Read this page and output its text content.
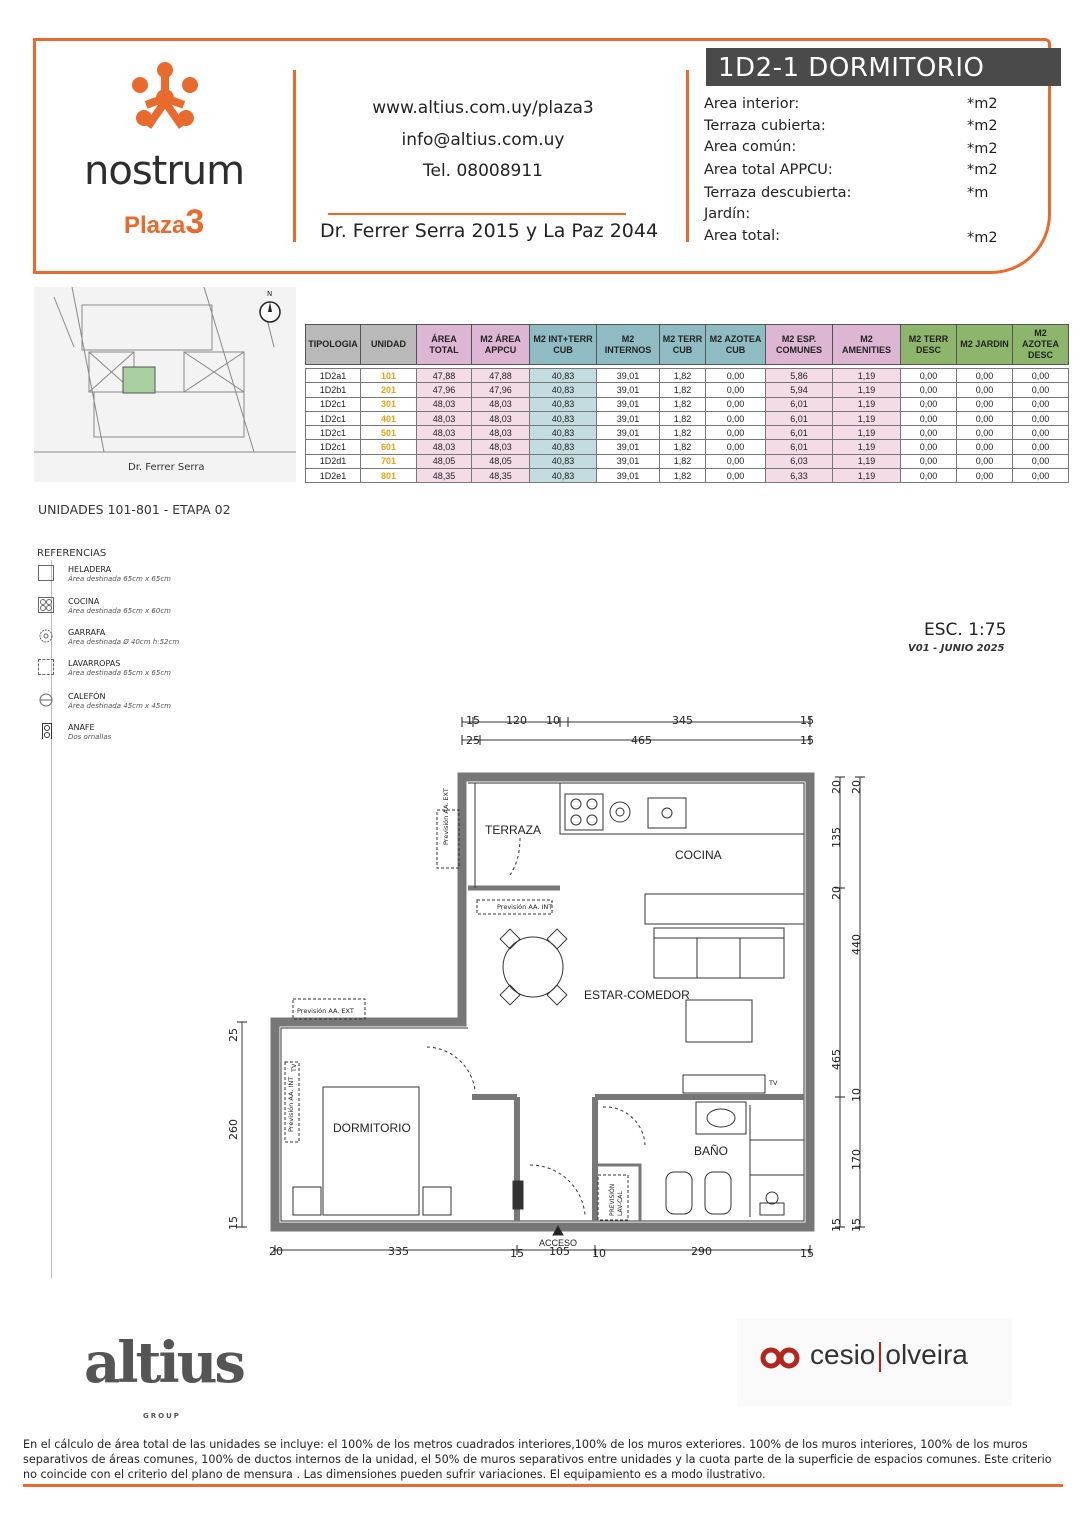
nostrum
Plaza3
www.altius.com.uy/plaza3
info@altius.com.uy
Tel. 08008911
Dr. Ferrer Serra 2015 y La Paz 2044
1D2-1 DORMITORIO
Area interior:	*m2
Terraza cubierta:	*m2
Area común:	*m2
Area total APPCU:	*m2
Terraza descubierta:	*m
Jardín:
Area total:	*m2
N
Dr. Ferrer Serra
TIPOLOGIA	UNIDAD	ÁREA TOTAL	M2 ÁREA APPCU	M2 INT+TERR CUB	M2 INTERNOS	M2 TERR CUB	M2 AZOTEA CUB	M2 ESP. COMUNES	M2 AMENITIES	M2 TERR DESC	M2 JARDIN	M2 AZOTEA DESC

1D2a1	101	47,88	47,88	40,83	39,01	1,82	0,00	5,86	1,19	0,00	0,00	0,00
1D2b1	201	47,96	47,96	40,83	39,01	1,82	0,00	5,94	1,19	0,00	0,00	0,00
1D2c1	301	48,03	48,03	40,83	39,01	1,82	0,00	6,01	1,19	0,00	0,00	0,00
1D2c1	401	48,03	48,03	40,83	39,01	1,82	0,00	6,01	1,19	0,00	0,00	0,00
1D2c1	501	48,03	48,03	40,83	39,01	1,82	0,00	6,01	1,19	0,00	0,00	0,00
1D2c1	601	48,03	48,03	40,83	39,01	1,82	0,00	6,01	1,19	0,00	0,00	0,00
1D2d1	701	48,05	48,05	40,83	39,01	1,82	0,00	6,03	1,19	0,00	0,00	0,00
1D2e1	801	48,35	48,35	40,83	39,01	1,82	0,00	6,33	1,19	0,00	0,00	0,00
UNIDADES 101-801 - ETAPA 02
REFERENCIAS
HELADERA
Área destinada 65cm x 65cm
COCINA
Área destinada 65cm x 60cm
GARRAFA
Área destinada Ø 40cm h:52cm
LAVARROPAS
Área destinada 65cm x 65cm
CALEFÓN
Área destinada 45cm x 45cm
ANAFE
Dos ornallas
ESC. 1:75
V01 - JUNIO 2025
TERRAZA
COCINA
ESTAR-COMEDOR
DORMITORIO
BAÑO
ACCESO
Previsión AA. EXT
Previsión AA. INT
Previsión AA. EXT
Previsión AA. INT
TV
TV
PREVISIÓN LAV-CAL
15 120 10	345	15
25	465	15
20	335	15 105 10	290	15
20
135
20
465
10
170
15
20
440
15
25
260
15
altius
GROUP
cesio olveira
En el cálculo de área total de las unidades se incluye: el 100% de los metros cuadrados interiores,100% de los muros exteriores. 100% de los muros interiores, 100% de los muros separativos de áreas comunes, 100% de ductos internos de la unidad, el 50% de muros separativos entre unidades y la cuota parte de la superficie de espacios comunes. Este criterio no coincide con el criterio del plano de mensura . Las dimensiones pueden sufrir variaciones. El equipamiento es a modo ilustrativo.
